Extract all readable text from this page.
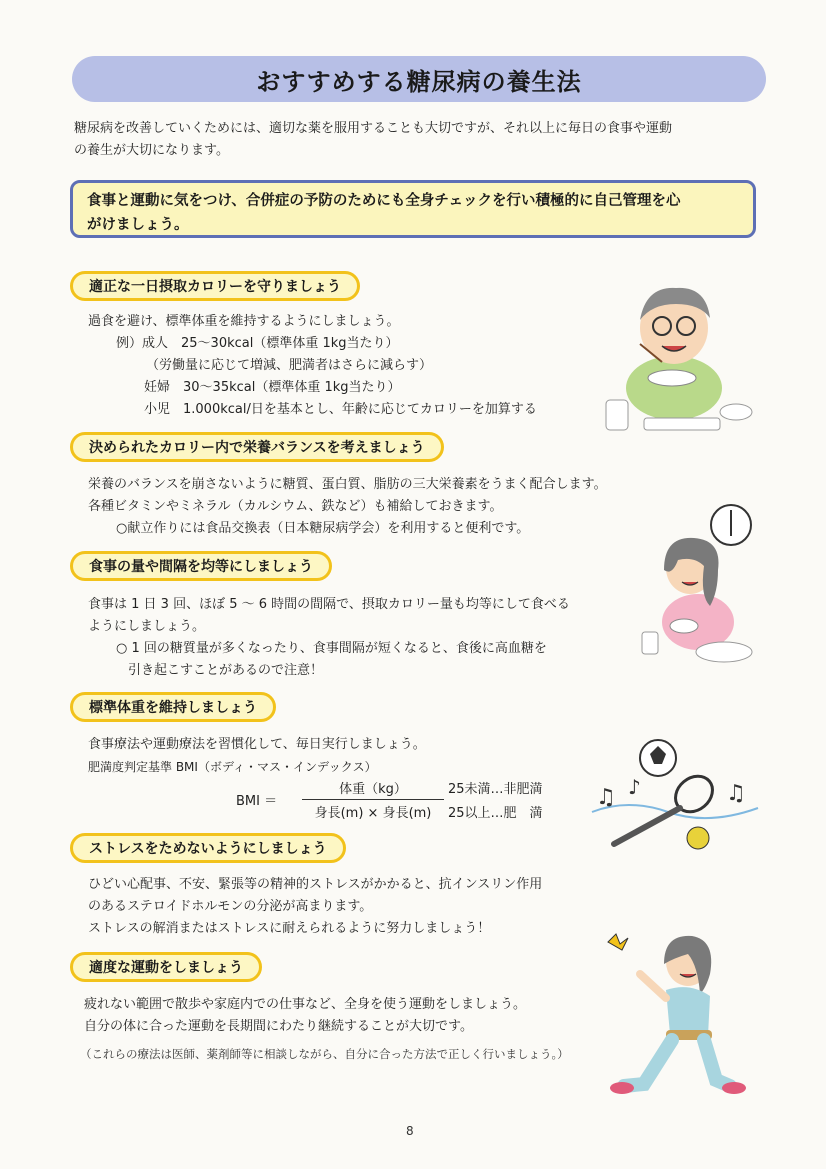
おすすめする糖尿病の養生法
糖尿病を改善していくためには、適切な薬を服用することも大切ですが、それ以上に毎日の食事や運動
の養生が大切になります。
食事と運動に気をつけ、合併症の予防のためにも全身チェックを行い積極的に自己管理を心
がけましょう。
適正な一日摂取カロリーを守りましょう
過食を避け、標準体重を維持するようにしましょう。
例）成人　25〜30kcal（標準体重 1kg当たり）
（労働量に応じて増減、肥満者はさらに減らす）
妊婦　30〜35kcal（標準体重 1kg当たり）
小児　1.000kcal/日を基本とし、年齢に応じてカロリーを加算する
決められたカロリー内で栄養バランスを考えましょう
栄養のバランスを崩さないように糖質、蛋白質、脂肪の三大栄養素をうまく配合します。
各種ビタミンやミネラル（カルシウム、鉄など）も補給しておきます。
○献立作りには食品交換表（日本糖尿病学会）を利用すると便利です。
食事の量や間隔を均等にしましょう
食事は 1 日 3 回、ほぼ 5 〜 6 時間の間隔で、摂取カロリー量も均等にして食べる
ようにしましょう。
○ 1 回の糖質量が多くなったり、食事間隔が短くなると、食後に高血糖を
引き起こすことがあるので注意！
標準体重を維持しましょう
食事療法や運動療法を習慣化して、毎日実行しましょう。
肥満度判定基準 BMI（ボディ・マス・インデックス）
BMI ＝
体重（kg）
身長(m) × 身長(m)
25未満…非肥満
25以上…肥　満
ストレスをためないようにしましょう
ひどい心配事、不安、緊張等の精神的ストレスがかかると、抗インスリン作用
のあるステロイドホルモンの分泌が高まります。
ストレスの解消またはストレスに耐えられるように努力しましょう！
適度な運動をしましょう
疲れない範囲で散歩や家庭内での仕事など、全身を使う運動をしましょう。
自分の体に合った運動を長期間にわたり継続することが大切です。
（これらの療法は医師、薬剤師等に相談しながら、自分に合った方法で正しく行いましょう。）
8
♫ ♪	♫
